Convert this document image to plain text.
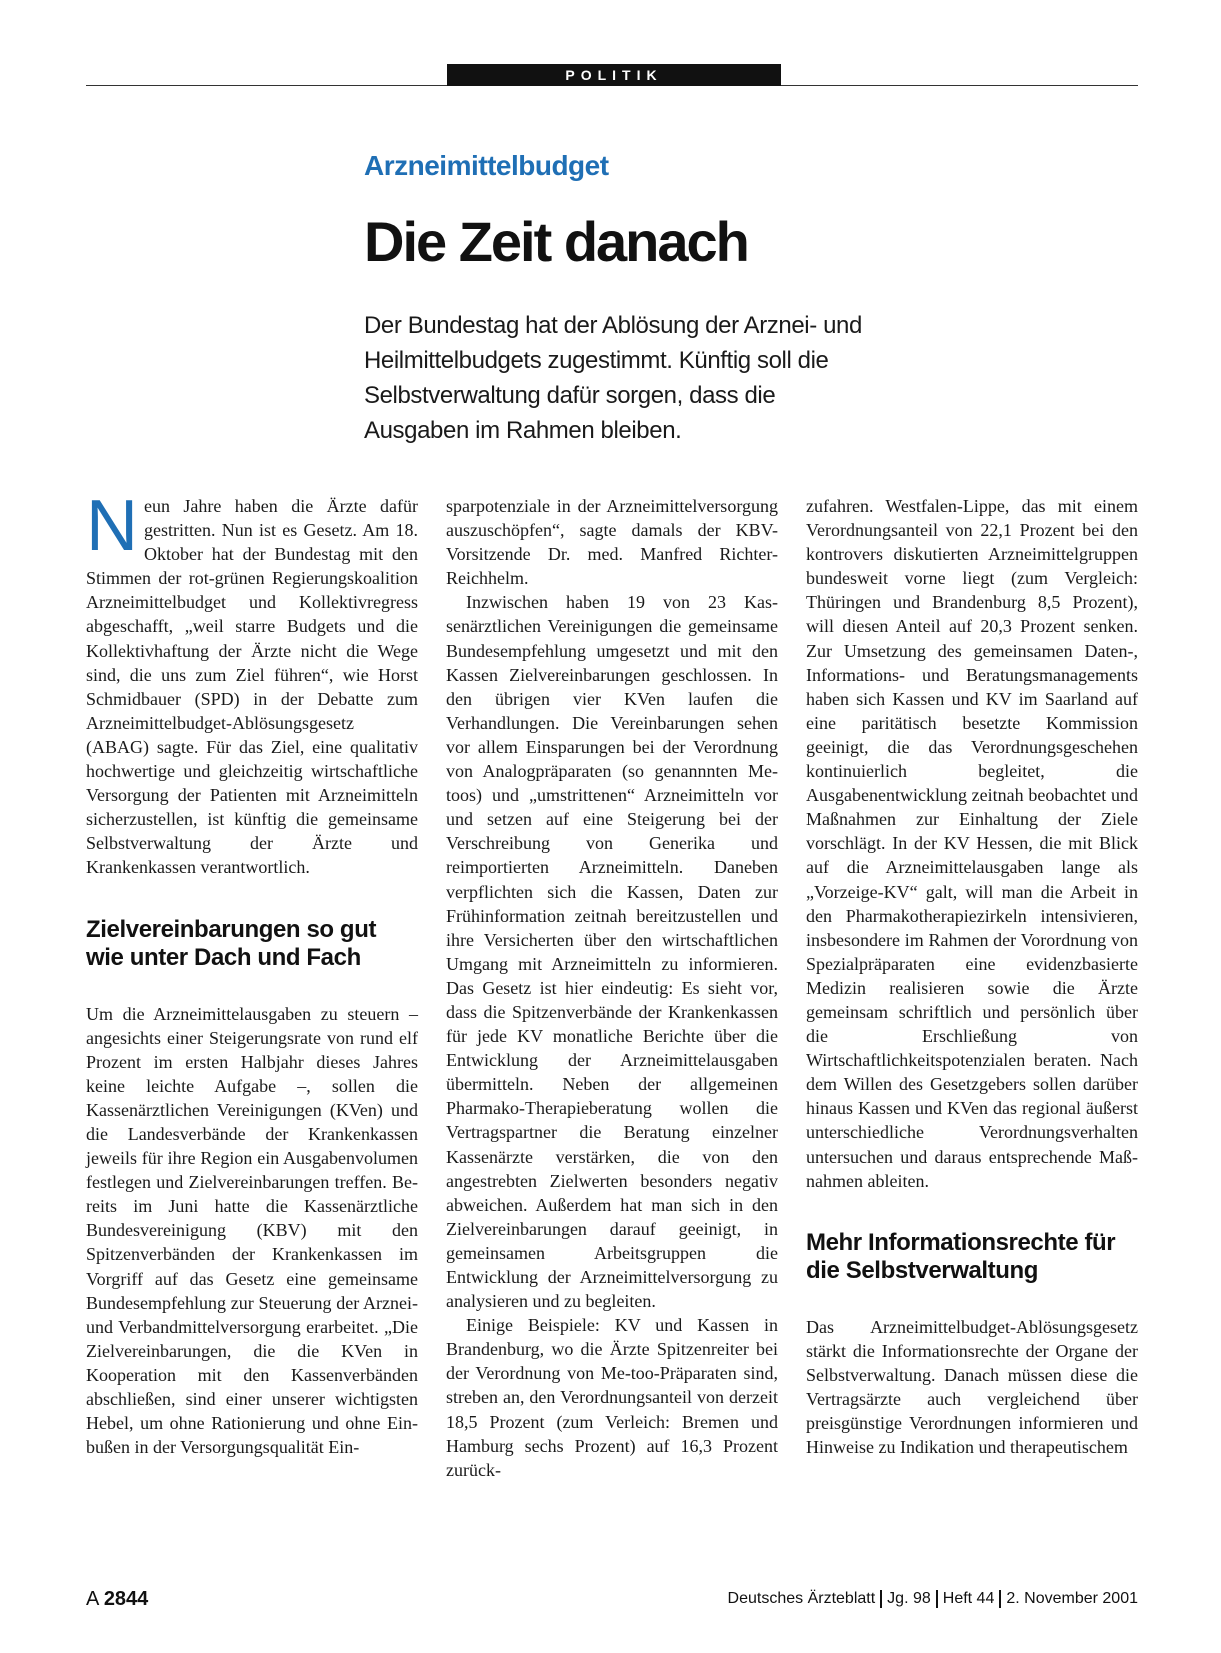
POLITIK
Arzneimittelbudget
Die Zeit danach
Der Bundestag hat der Ablösung der Arznei- und Heilmittelbudgets zugestimmt. Künftig soll die Selbstverwaltung dafür sorgen, dass die Ausgaben im Rahmen bleiben.

Neun Jahre haben die Ärzte dafür gestritten. Nun ist es Gesetz. Am 18. Oktober hat der Bundestag mit den Stimmen der rot-grünen Regierungskoalition Arzneimittelbudget und Kollektivregress abgeschafft, „weil starre Budgets und die Kollektivhaftung der Ärzte nicht die Wege sind, die uns zum Ziel führen“, wie Horst Schmidbauer (SPD) in der Debatte zum Arzneimittelbudget-Ablösungsgesetz (ABAG) sagte. Für das Ziel, eine qualitativ hochwertige und gleichzeitig wirtschaftliche Versorgung der Patienten mit Arzneimitteln sicherzustellen, ist künftig die gemeinsame Selbstverwaltung der Ärzte und Krankenkassen verantwortlich.

Zielvereinbarungen so gut wie unter Dach und Fach

Um die Arzneimittelausgaben zu steuern – angesichts einer Steigerungsrate von rund elf Prozent im ersten Halbjahr dieses Jahres keine leichte Aufgabe –, sollen die Kassenärztlichen Vereinigungen (KVen) und die Landesverbände der Krankenkassen jeweils für ihre Region ein Ausgabenvolumen festlegen und Zielvereinbarungen treffen. Bereits im Juni hatte die Kassenärztliche Bundesvereinigung (KBV) mit den Spitzenverbänden der Krankenkassen im Vorgriff auf das Gesetz eine gemeinsame Bundesempfehlung zur Steuerung der Arznei- und Verbandmittelversorgung erarbeitet. „Die Zielvereinbarungen, die die KVen in Kooperation mit den Kassenverbänden abschließen, sind einer unserer wichtigsten Hebel, um ohne Rationierung und ohne Einbußen in der Versorgungsqualität Ein-

sparpotenziale in der Arzneimittelversorgung auszuschöpfen“, sagte damals der KBV-Vorsitzende Dr. med. Manfred Richter-Reichhelm.

Inzwischen haben 19 von 23 Kassenärztlichen Vereinigungen die gemeinsame Bundesempfehlung umgesetzt und mit den Kassen Zielvereinbarungen geschlossen. In den übrigen vier KVen laufen die Verhandlungen. Die Vereinbarungen sehen vor allem Einsparungen bei der Verordnung von Analogpräparaten (so genannnten Metoos) und „umstrittenen“ Arzneimitteln vor und setzen auf eine Steigerung bei der Verschreibung von Generika und reimportierten Arzneimitteln. Daneben verpflichten sich die Kassen, Daten zur Frühinformation zeitnah bereitzustellen und ihre Versicherten über den wirtschaftlichen Umgang mit Arzneimitteln zu informieren. Das Gesetz ist hier eindeutig: Es sieht vor, dass die Spitzenverbände der Krankenkassen für jede KV monatliche Berichte über die Entwicklung der Arzneimittelausgaben übermitteln. Neben der allgemeinen Pharmako-Therapieberatung wollen die Vertragspartner die Beratung einzelner Kassenärzte verstärken, die von den angestrebten Zielwerten besonders negativ abweichen. Außerdem hat man sich in den Zielvereinbarungen darauf geeinigt, in gemeinsamen Arbeitsgruppen die Entwicklung der Arzneimittelversorgung zu analysieren und zu begleiten.

Einige Beispiele: KV und Kassen in Brandenburg, wo die Ärzte Spitzenreiter bei der Verordnung von Me-too-Präparaten sind, streben an, den Verordnungsanteil von derzeit 18,5 Prozent (zum Verleich: Bremen und Hamburg sechs Prozent) auf 16,3 Prozent zurück-

zufahren. Westfalen-Lippe, das mit einem Verordnungsanteil von 22,1 Prozent bei den kontrovers diskutierten Arzneimittelgruppen bundesweit vorne liegt (zum Vergleich: Thüringen und Brandenburg 8,5 Prozent), will diesen Anteil auf 20,3 Prozent senken. Zur Umsetzung des gemeinsamen Daten-, Informations- und Beratungsmanagements haben sich Kassen und KV im Saarland auf eine paritätisch besetzte Kommission geeinigt, die das Verordnungsgeschehen kontinuierlich begleitet, die Ausgabenentwicklung zeitnah beobachtet und Maßnahmen zur Einhaltung der Ziele vorschlägt. In der KV Hessen, die mit Blick auf die Arzneimittelausgaben lange als „Vorzeige-KV“ galt, will man die Arbeit in den Pharmakotherapiezirkeln intensivieren, insbesondere im Rahmen der Vorordnung von Spezialpräparaten eine evidenzbasierte Medizin realisieren sowie die Ärzte gemeinsam schriftlich und persönlich über die Erschließung von Wirtschaftlichkeitspotenzialen beraten. Nach dem Willen des Gesetzgebers sollen darüber hinaus Kassen und KVen das regional äußerst unterschiedliche Verordnungsverhalten untersuchen und daraus entsprechende Maßnahmen ableiten.

Mehr Informationsrechte für die Selbstverwaltung

Das Arzneimittelbudget-Ablösungsgesetz stärkt die Informationsrechte der Organe der Selbstverwaltung. Danach müssen diese die Vertragsärzte auch vergleichend über preisgünstige Verordnungen informieren und Hinweise zu Indikation und therapeutischem

A 2844	Deutsches Ärzteblatt Jg. 98 Heft 44 2. November 2001
